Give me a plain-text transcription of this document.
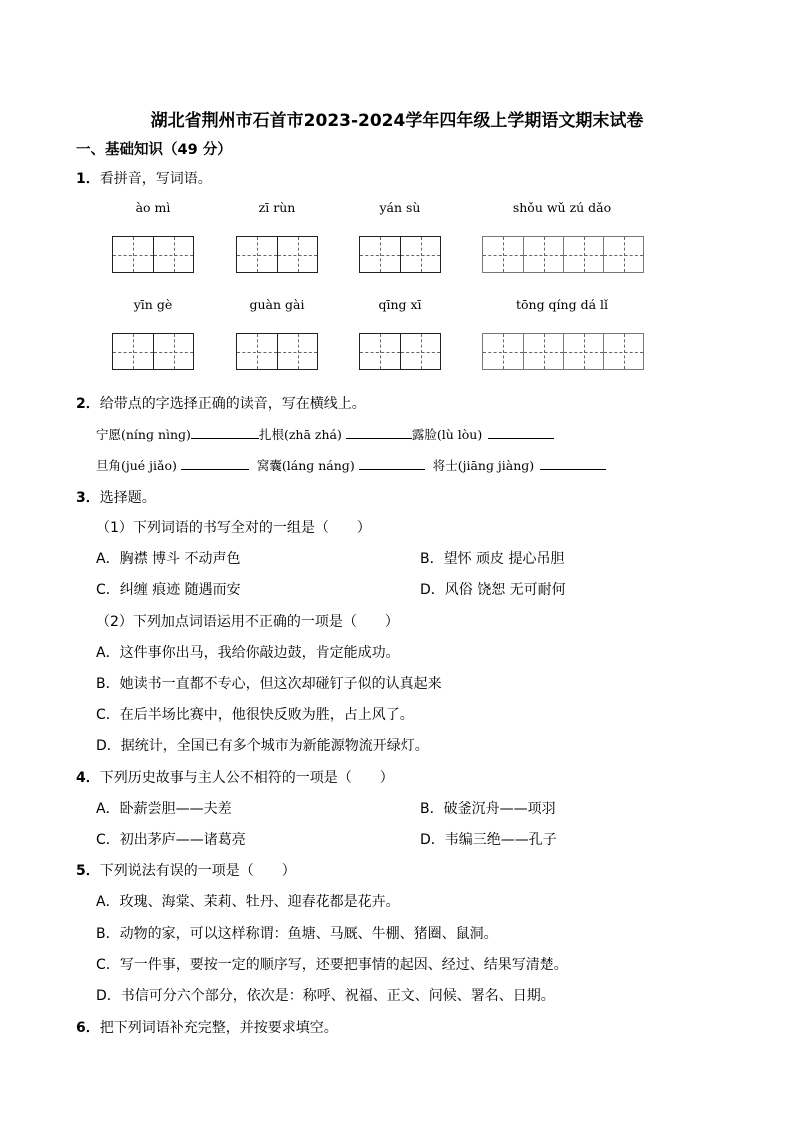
湖北省荆州市石首市2023-2024学年四年级上学期语文期末试卷
一、基础知识（49 分）
1．看拼音，写词语。
ào mì	zī rùn	yán sù	shǒu wǔ zú dǎo
yīn gè	guàn gài	qīng xī	tōng qíng dá lǐ
2．给带点的字选择正确的读音，写在横线上。
宁愿(nínɡ nìnɡ)	扎根(zhā zhá)	露脸(lù lòu)
旦角(jué jiǎo)	窝囊(lánɡ nánɡ)	将士(jiānɡ jiànɡ)
3．选择题。
（1）下列词语的书写全对的一组是（　　）
A．胸襟 博斗 不动声色	B．望怀 顽皮 提心吊胆
C．纠缠 痕迹 随遇而安	D．风俗 饶恕 无可耐何
（2）下列加点词语运用不正确的一项是（　　）
A．这件事你出马，我给你敲边鼓，肯定能成功。
B．她读书一直都不专心，但这次却碰钉子似的认真起来
C．在后半场比赛中，他很快反败为胜，占上风了。
D．据统计，全国已有多个城市为新能源物流开绿灯。
4．下列历史故事与主人公不相符的一项是（　　）
A．卧薪尝胆——夫差	B．破釜沉舟——项羽
C．初出茅庐——诸葛亮	D．韦编三绝——孔子
5．下列说法有误的一项是（　　）
A．玫瑰、海棠、茉莉、牡丹、迎春花都是花卉。
B．动物的家，可以这样称谓：鱼塘、马厩、牛棚、猪圈、鼠洞。
C．写一件事，要按一定的顺序写，还要把事情的起因、经过、结果写清楚。
D．书信可分六个部分，依次是：称呼、祝福、正文、问候、署名、日期。
6．把下列词语补充完整，并按要求填空。
